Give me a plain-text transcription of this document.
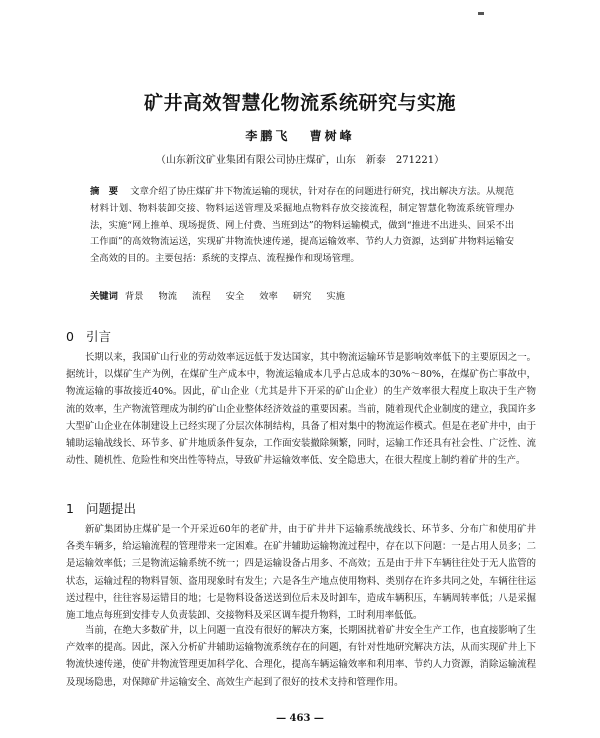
矿井高效智慧化物流系统研究与实施
李鹏飞 曹树峰
（山东新汶矿业集团有限公司协庄煤矿，山东　新泰　271221）
摘　要 文章介绍了协庄煤矿井下物流运输的现状，针对存在的问题进行研究，找出解决方法。从规范材料计划、物料装卸交接、物料运送管理及采掘地点物料存放交接流程，制定智慧化物流系统管理办法，实施“网上推单、现场提货、网上付费、当班到达”的物料运输模式，做到“推进不出进头、回采不出工作面”的高效物流运送，实现矿井物流快速传递，提高运输效率、节约人力资源，达到矿井物料运输安全高效的目的。主要包括：系统的支撑点、流程操作和现场管理。
关键词 背景 物流 流程 安全 效率 研究 实施
0 引言

长期以来，我国矿山行业的劳动效率远远低于发达国家，其中物流运输环节是影响效率低下的主要原因之一。据统计，以煤矿生产为例，在煤矿生产成本中，物流运输成本几乎占总成本的30%～80%，在煤矿伤亡事故中，物流运输的事故接近40%。因此，矿山企业（尤其是井下开采的矿山企业）的生产效率很大程度上取决于生产物流的效率，生产物流管理成为制约矿山企业整体经济效益的重要因素。当前，随着现代企业制度的建立，我国许多大型矿山企业在体制建设上已经实现了分层次体制结构，具备了相对集中的物流运作模式。但是在老矿井中，由于辅助运输战线长、环节多、矿井地质条件复杂，工作面安装撤除频繁，同时，运输工作还具有社会性、广泛性、流动性、随机性、危险性和突出性等特点，导致矿井运输效率低、安全隐患大，在很大程度上制约着矿井的生产。

1 问题提出

新矿集团协庄煤矿是一个开采近60年的老矿井，由于矿井井下运输系统战线长、环节多、分布广和使用矿井各类车辆多，给运输流程的管理带来一定困难。在矿井辅助运输物流过程中，存在以下问题：一是占用人员多；二是运输效率低；三是物流运输系统不统一；四是运输设备占用多、不高效；五是由于井下车辆往往处于无人监管的状态，运输过程的物料冒领、盗用现象时有发生；六是各生产地点使用物料、类别存在许多共同之处，车辆往往运送过程中，往往容易运错目的地；七是物料设备送送到位后未及时卸车，造成车辆积压，车辆周转率低；八是采掘施工地点每班到安排专人负责装卸、交接物料及采区调车提升物料，工时利用率低低。

当前，在绝大多数矿井，以上问题一直没有很好的解决方案，长期困扰着矿井安全生产工作，也直接影响了生产效率的提高。因此，深入分析矿井辅助运输物流系统存在的问题，有针对性地研究解决方法，从而实现矿井上下物流快速传递，使矿井物流管理更加科学化、合理化，提高车辆运输效率和利用率、节约人力资源，消除运输流程及现场隐患，对保障矿井运输安全、高效生产起到了很好的技术支持和管理作用。

— 463 —
